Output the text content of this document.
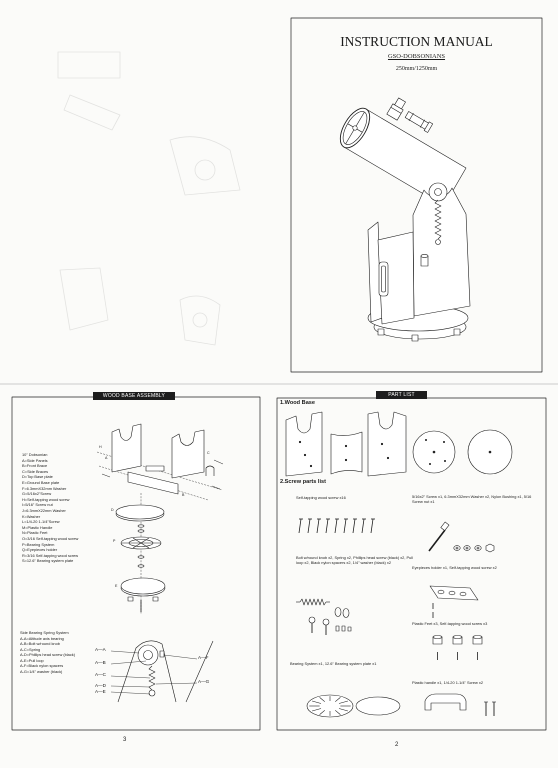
INSTRUCTION MANUAL
GSO-DOBSONIANS
250mm/1250mm
WOOD BASE ASSEMBLY
10" Dobsonian
A=Side Panels
B=Front Brace
C=Side Braces
D=Top Base plate
E=Ground Base plate
F=6.3mmX32mm Washer
G=5/16x2"Screw
H=Self-tapping wood screw
I=5/16" Screw nut
J=6.3mmX22mm Washer
K=Washer
L=1/4-20 1-1/4"Screw
M=Plastic Handle
N=Plastic Feet
O=3/16 Self-tapping wood screw
P=Bearing System
Q=Eyepieces holder
R=3/16 Self-tapping wood screw
S=12.6" Bearing system plate
H
A
B
C
D
P
E
Side Bearing Spring System
A-A=Altitude axis bearing
A-B=Bolt w/round knob
A-C=Spring
A-D=Phillips head screw (black)
A-E=Pull loop
A-F=Black nylon spacers
A-G=1/4" washer (black)
A—A
A—B
A—C
A—D
A—E
A—F
A—G
3
PART LIST
1.Wood Base
2.Screw parts list
Self-tapping wood screw x16	5/16x2" Screw x1, 6.3mmX32mm Washer x2, Nylon Bushing x1, 5/16 Screw nut x1
Bolt w/round knob x2, Spring x2, Phillips head screw (black) x2, Pull loop x2, Black nylon spacers x2, 1/4" washer (black) x2
Eyepieces holder x1, Self-tapping wood screw x2
Plastic Feet x3, Self-tapping wood screw x3
Bearing System x1, 12.6" Bearing system plate x1
Plastic handle x1, 1/4-20 1-1/4" Screw x2
2
